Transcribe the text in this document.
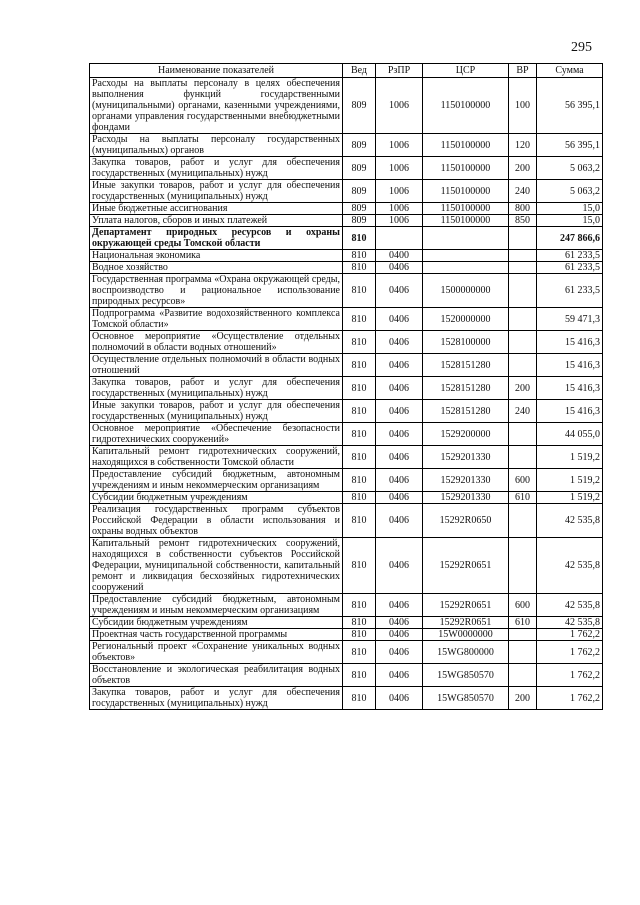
295
Наименование показателей	Вед	РзПР	ЦСР	ВР	Сумма
Расходы на выплаты персоналу в целях обеспечения выполнения функций государственными (муниципальными) органами, казенными учреждениями, органами управления государственными внебюджетными фондами	809	1006	1150100000	100	56 395,1
Расходы на выплаты персоналу государственных (муниципальных) органов	809	1006	1150100000	120	56 395,1
Закупка товаров, работ и услуг для обеспечения государственных (муниципальных) нужд	809	1006	1150100000	200	5 063,2
Иные закупки товаров, работ и услуг для обеспечения государственных (муниципальных) нужд	809	1006	1150100000	240	5 063,2
Иные бюджетные ассигнования	809	1006	1150100000	800	15,0
Уплата налогов, сборов и иных платежей	809	1006	1150100000	850	15,0
Департамент природных ресурсов и охраны окружающей среды Томской области	810				247 866,6
Национальная экономика	810	0400			61 233,5
Водное хозяйство	810	0406			61 233,5
Государственная программа «Охрана окружающей среды, воспроизводство и рациональное использование природных ресурсов»	810	0406	1500000000		61 233,5
Подпрограмма «Развитие водохозяйственного комплекса Томской области»	810	0406	1520000000		59 471,3
Основное мероприятие «Осуществление отдельных полномочий в области водных отношений»	810	0406	1528100000		15 416,3
Осуществление отдельных полномочий в области водных отношений	810	0406	1528151280		15 416,3
Закупка товаров, работ и услуг для обеспечения государственных (муниципальных) нужд	810	0406	1528151280	200	15 416,3
Иные закупки товаров, работ и услуг для обеспечения государственных (муниципальных) нужд	810	0406	1528151280	240	15 416,3
Основное мероприятие «Обеспечение безопасности гидротехнических сооружений»	810	0406	1529200000		44 055,0
Капитальный ремонт гидротехнических сооружений, находящихся в собственности Томской области	810	0406	1529201330		1 519,2
Предоставление субсидий бюджетным, автономным учреждениям и иным некоммерческим организациям	810	0406	1529201330	600	1 519,2
Субсидии бюджетным учреждениям	810	0406	1529201330	610	1 519,2
Реализация государственных программ субъектов Российской Федерации в области использования и охраны водных объектов	810	0406	15292R0650		42 535,8
Капитальный ремонт гидротехнических сооружений, находящихся в собственности субъектов Российской Федерации, муниципальной собственности, капитальный ремонт и ликвидация бесхозяйных гидротехнических сооружений	810	0406	15292R0651		42 535,8
Предоставление субсидий бюджетным, автономным учреждениям и иным некоммерческим организациям	810	0406	15292R0651	600	42 535,8
Субсидии бюджетным учреждениям	810	0406	15292R0651	610	42 535,8
Проектная часть государственной программы	810	0406	15W0000000		1 762,2
Региональный проект «Сохранение уникальных водных объектов»	810	0406	15WG800000		1 762,2
Восстановление и экологическая реабилитация водных объектов	810	0406	15WG850570		1 762,2
Закупка товаров, работ и услуг для обеспечения государственных (муниципальных) нужд	810	0406	15WG850570	200	1 762,2
